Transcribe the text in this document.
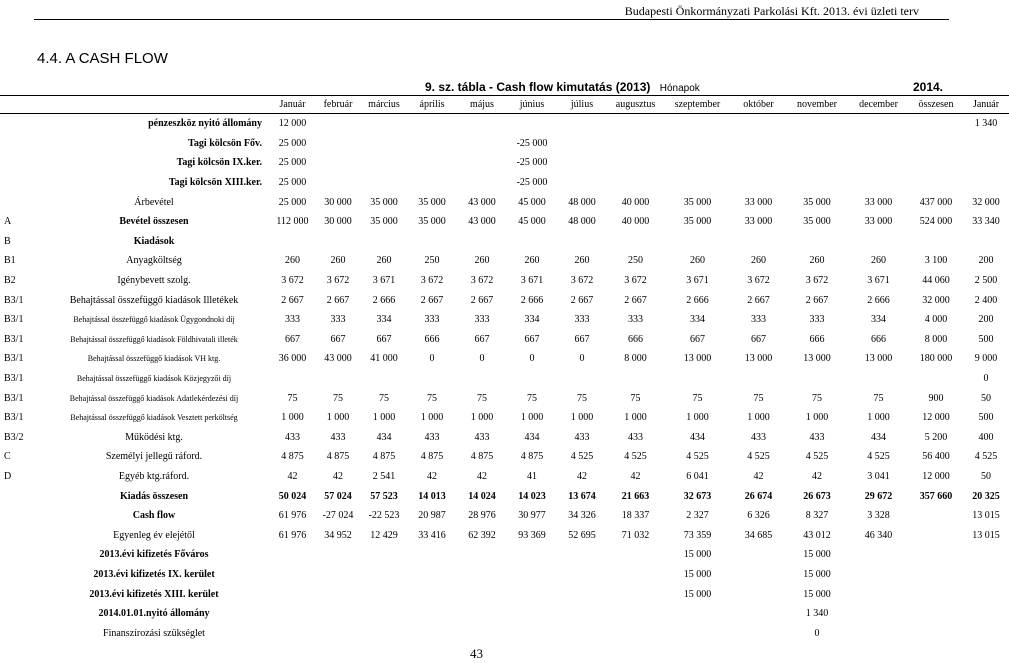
Budapesti Önkormányzati Parkolási Kft. 2013. évi üzleti terv
4.4. A CASH FLOW
9. sz. tábla - Cash flow kimutatás (2013) Hónapok	2014.
		Január	február	március	április	május	június	július	augusztus	szeptember	október	november	december	összesen	Január
	pénzeszköz nyitó állomány	12 000													1 340
	Tagi kölcsön Főv.	25 000					-25 000								
	Tagi kölcsön IX.ker.	25 000					-25 000								
	Tagi kölcsön XIII.ker.	25 000					-25 000								
	Árbevétel	25 000	30 000	35 000	35 000	43 000	45 000	48 000	40 000	35 000	33 000	35 000	33 000	437 000	32 000
A	Bevétel összesen	112 000	30 000	35 000	35 000	43 000	45 000	48 000	40 000	35 000	33 000	35 000	33 000	524 000	33 340
B	Kiadások														
B1	Anyagköltség	260	260	260	250	260	260	260	250	260	260	260	260	3 100	200
B2	Igénybevett szolg.	3 672	3 672	3 671	3 672	3 672	3 671	3 672	3 672	3 671	3 672	3 672	3 671	44 060	2 500
B3/1	Behajtással összefüggő kiadások Illetékek	2 667	2 667	2 666	2 667	2 667	2 666	2 667	2 667	2 666	2 667	2 667	2 666	32 000	2 400
B3/1	Behajtással összefüggő kiadások Ügygondnoki díj	333	333	334	333	333	334	333	333	334	333	333	334	4 000	200
B3/1	Behajtással összefüggő kiadások Földhivatali illeték	667	667	667	666	667	667	667	666	667	667	666	666	8 000	500
B3/1	Behajtással összefüggő kiadások VH ktg.	36 000	43 000	41 000	0	0	0	0	8 000	13 000	13 000	13 000	13 000	180 000	9 000
B3/1	Behajtással összefüggő kiadások Közjegyzői díj														0
B3/1	Behajtással összefüggő kiadások Adatlekérdezési díj	75	75	75	75	75	75	75	75	75	75	75	75	900	50
B3/1	Behajtással összefüggő kiadások Vesztett perköltség	1 000	1 000	1 000	1 000	1 000	1 000	1 000	1 000	1 000	1 000	1 000	1 000	12 000	500
B3/2	Működési ktg.	433	433	434	433	433	434	433	433	434	433	433	434	5 200	400
C	Személyi jellegű ráford.	4 875	4 875	4 875	4 875	4 875	4 875	4 525	4 525	4 525	4 525	4 525	4 525	56 400	4 525
D	Egyéb ktg.ráford.	42	42	2 541	42	42	41	42	42	6 041	42	42	3 041	12 000	50
	Kiadás összesen	50 024	57 024	57 523	14 013	14 024	14 023	13 674	21 663	32 673	26 674	26 673	29 672	357 660	20 325
	Cash flow	61 976	-27 024	-22 523	20 987	28 976	30 977	34 326	18 337	2 327	6 326	8 327	3 328		13 015
	Egyenleg év elejétől	61 976	34 952	12 429	33 416	62 392	93 369	52 695	71 032	73 359	34 685	43 012	46 340		13 015
	2013.évi kifizetés Főváros									15 000		15 000			
	2013.évi kifizetés IX. kerület									15 000		15 000			
	2013.évi kifizetés XIII. kerület									15 000		15 000			
	2014.01.01.nyitó állomány											1 340			
	Finanszírozási szükséglet											0			
43
